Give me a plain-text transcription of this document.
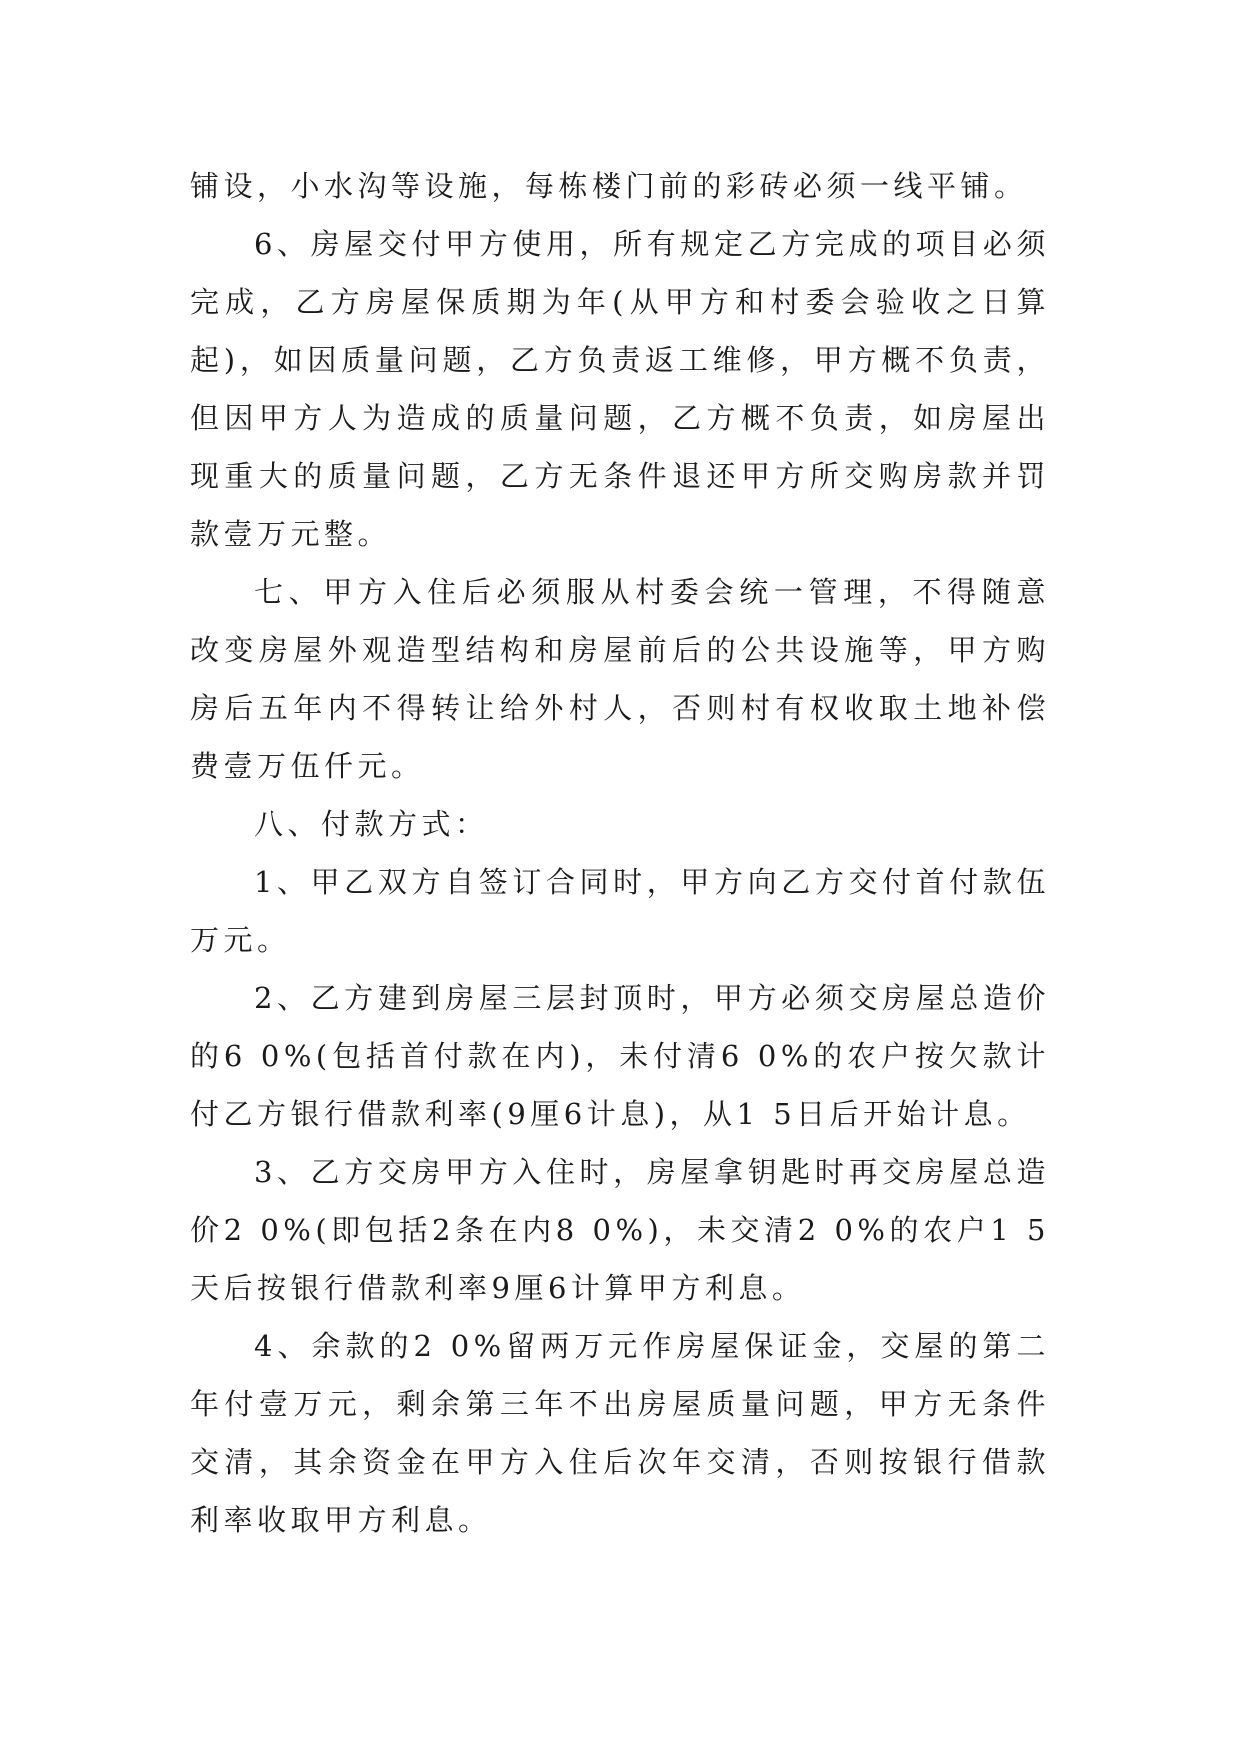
铺设，小水沟等设施，每栋楼门前的彩砖必须一线平铺。

6、房屋交付甲方使用，所有规定乙方完成的项目必须完成，乙方房屋保质期为年(从甲方和村委会验收之日算起)，如因质量问题，乙方负责返工维修，甲方概不负责，但因甲方人为造成的质量问题，乙方概不负责，如房屋出现重大的质量问题，乙方无条件退还甲方所交购房款并罚款壹万元整。

七、甲方入住后必须服从村委会统一管理，不得随意改变房屋外观造型结构和房屋前后的公共设施等，甲方购房后五年内不得转让给外村人，否则村有权收取土地补偿费壹万伍仟元。

八、付款方式：

1、甲乙双方自签订合同时，甲方向乙方交付首付款伍万元。

2、乙方建到房屋三层封顶时，甲方必须交房屋总造价的6 0%(包括首付款在内)，未付清6 0%的农户按欠款计付乙方银行借款利率(9厘6计息)，从1 5日后开始计息。

3、乙方交房甲方入住时，房屋拿钥匙时再交房屋总造价2 0%(即包括2条在内8 0%)，未交清2 0%的农户1 5天后按银行借款利率9厘6计算甲方利息。

4、余款的2 0%留两万元作房屋保证金，交屋的第二年付壹万元，剩余第三年不出房屋质量问题，甲方无条件交清，其余资金在甲方入住后次年交清，否则按银行借款利率收取甲方利息。
